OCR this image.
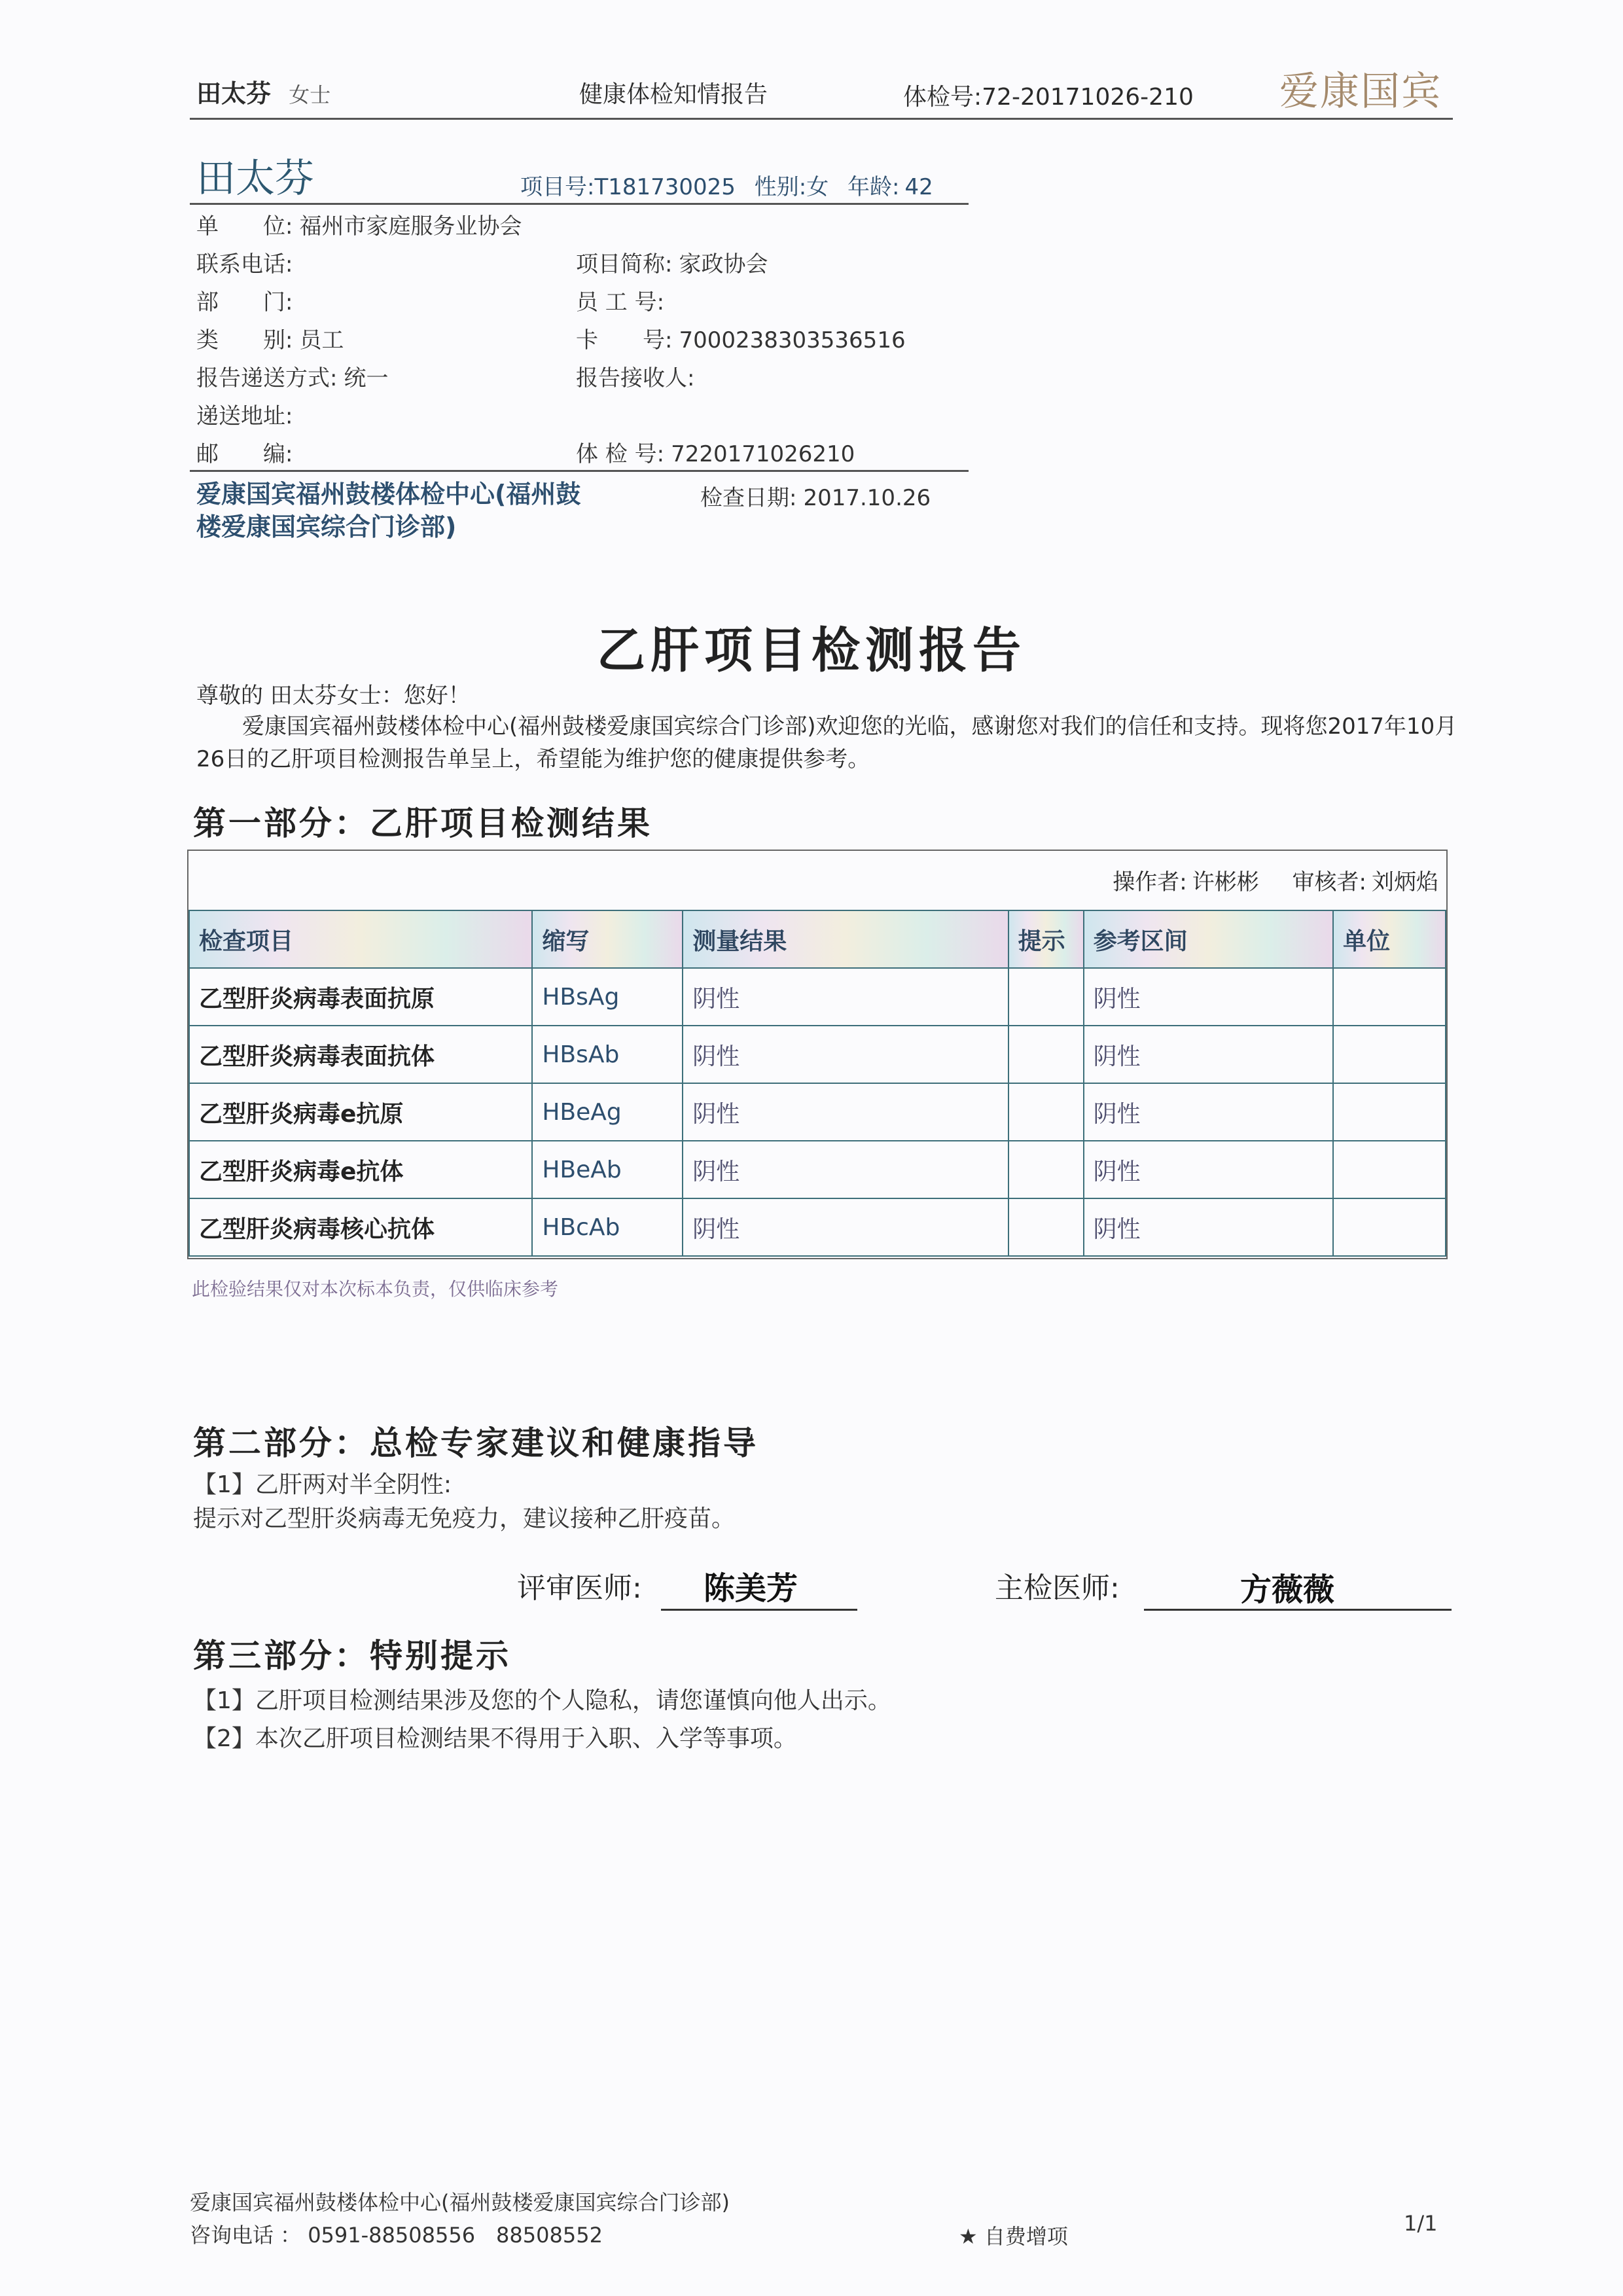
田太芬 女士	健康体检知情报告	体检号:72-20171026-210 爱康国宾
田太芬	项目号:T181730025 性别:女 年龄: 42
单　　位: 福州市家庭服务业协会
联系电话:	项目简称: 家政协会
部　　门:	员 工 号:
类　　别: 员工	卡　　号: 7000238303536516
报告递送方式: 统一	报告接收人:
递送地址:
邮　　编:	体 检 号: 7220171026210
爱康国宾福州鼓楼体检中心(福州鼓楼爱康国宾综合门诊部)
检查日期: 2017.10.26
乙肝项目检测报告
尊敬的 田太芬女士：您好！
爱康国宾福州鼓楼体检中心(福州鼓楼爱康国宾综合门诊部)欢迎您的光临，感谢您对我们的信任和支持。现将您2017年10月26日的乙肝项目检测报告单呈上，希望能为维护您的健康提供参考。
第一部分：乙肝项目检测结果
操作者: 许彬彬 审核者: 刘炳焰
检查项目	缩写	测量结果	提示	参考区间	单位
乙型肝炎病毒表面抗原	HBsAg	阴性		阴性	
乙型肝炎病毒表面抗体	HBsAb	阴性		阴性	
乙型肝炎病毒e抗原	HBeAg	阴性		阴性	
乙型肝炎病毒e抗体	HBeAb	阴性		阴性	
乙型肝炎病毒核心抗体	HBcAb	阴性		阴性	
此检验结果仅对本次标本负责，仅供临床参考
第二部分：总检专家建议和健康指导
【1】乙肝两对半全阴性:
提示对乙型肝炎病毒无免疫力，建议接种乙肝疫苗。
评审医师: 陈美芳	主检医师:	方薇薇
第三部分：特别提示
【1】乙肝项目检测结果涉及您的个人隐私，请您谨慎向他人出示。
【2】本次乙肝项目检测结果不得用于入职、入学等事项。
爱康国宾福州鼓楼体检中心(福州鼓楼爱康国宾综合门诊部)
咨询电话 ： 0591-88508556　88508552	★ 自费增项
1/1
